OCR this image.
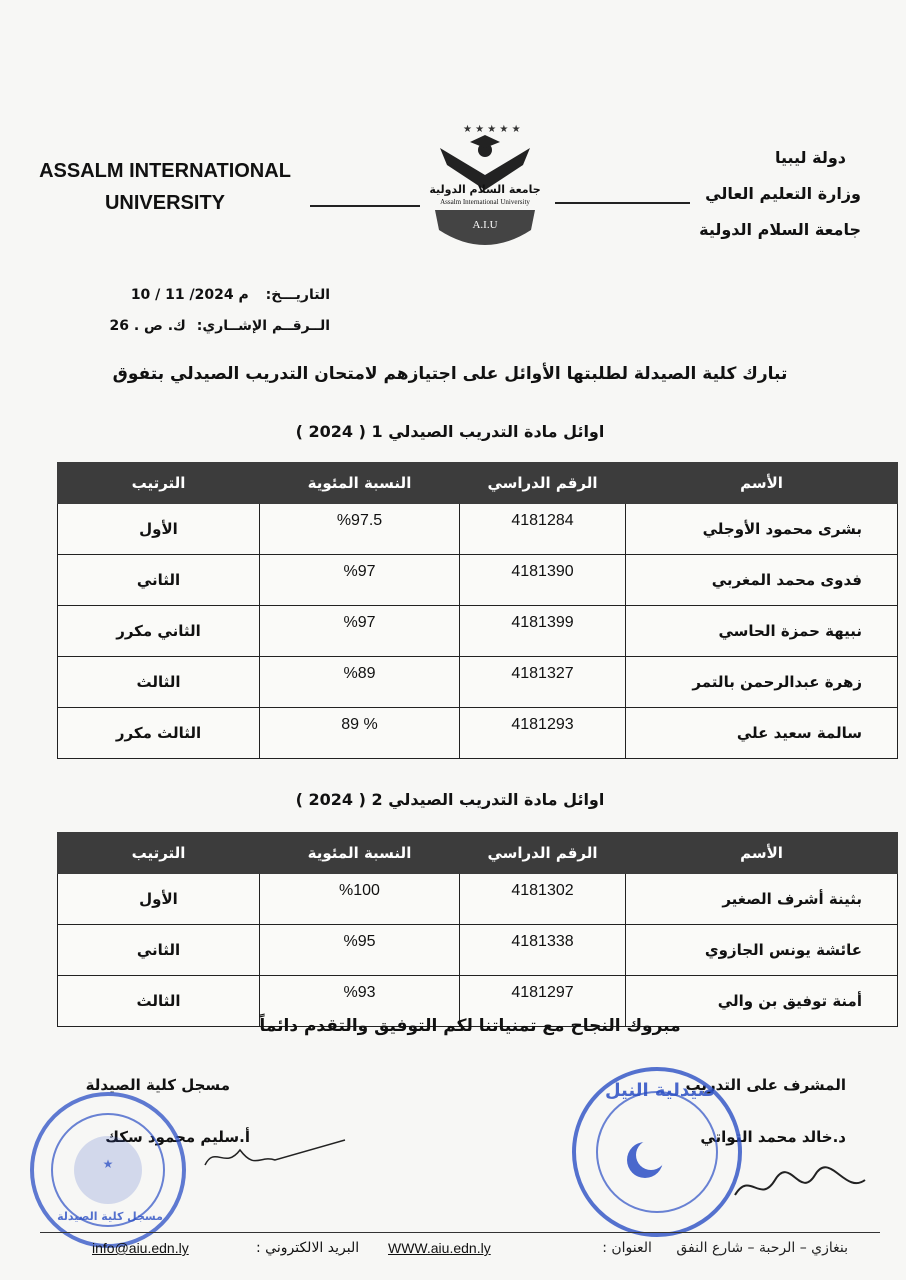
ASSALM INTERNATIONAL
UNIVERSITY
★ ★ ★ ★ ★
جامعة السلام الدولية
Assalm International University
A.I.U
دولة ليبيا
وزارة التعليم العالي
جامعة السلام الدولية
التاريـــخ: 10 / 11 /2024 م
الــرقــم الإشــاري: ك. ص . 26
تبارك كلية الصيدلة لطلبتها الأوائل على اجتيازهم لامتحان التدريب الصيدلي بتفوق
اوائل مادة التدريب الصيدلي 1 ( 2024 )
الأسم	الرقم الدراسي	النسبة المئوية	الترتيب
بشرى محمود الأوجلي	4181284	%97.5	الأول
فدوى محمد المغربي	4181390	%97	الثاني
نبيهة حمزة الحاسي	4181399	%97	الثاني مكرر
زهرة عبدالرحمن بالتمر	4181327	%89	الثالث
سالمة سعيد علي	4181293	% 89	الثالث مكرر
اوائل مادة التدريب الصيدلي 2 ( 2024 )
الأسم	الرقم الدراسي	النسبة المئوية	الترتيب
بثينة أشرف الصغير	4181302	%100	الأول
عائشة يونس الجازوي	4181338	%95	الثاني
أمنة توفيق بن والي	4181297	%93	الثالث
مبروك النجاح مع تمنياتنا لكم التوفيق والتقدم دائماً
المشرف على التدريب
د.خالد محمد التواتي
مسجل كلية الصيدلة
أ.سليم محمود سكك
★
مسجل كلية الصيدلة
صيدلية النيل
بنغازي – الرحبة – شارع النفق العنوان :
WWW.aiu.edn.ly
البريد الالكتروني :
info@aiu.edn.ly
